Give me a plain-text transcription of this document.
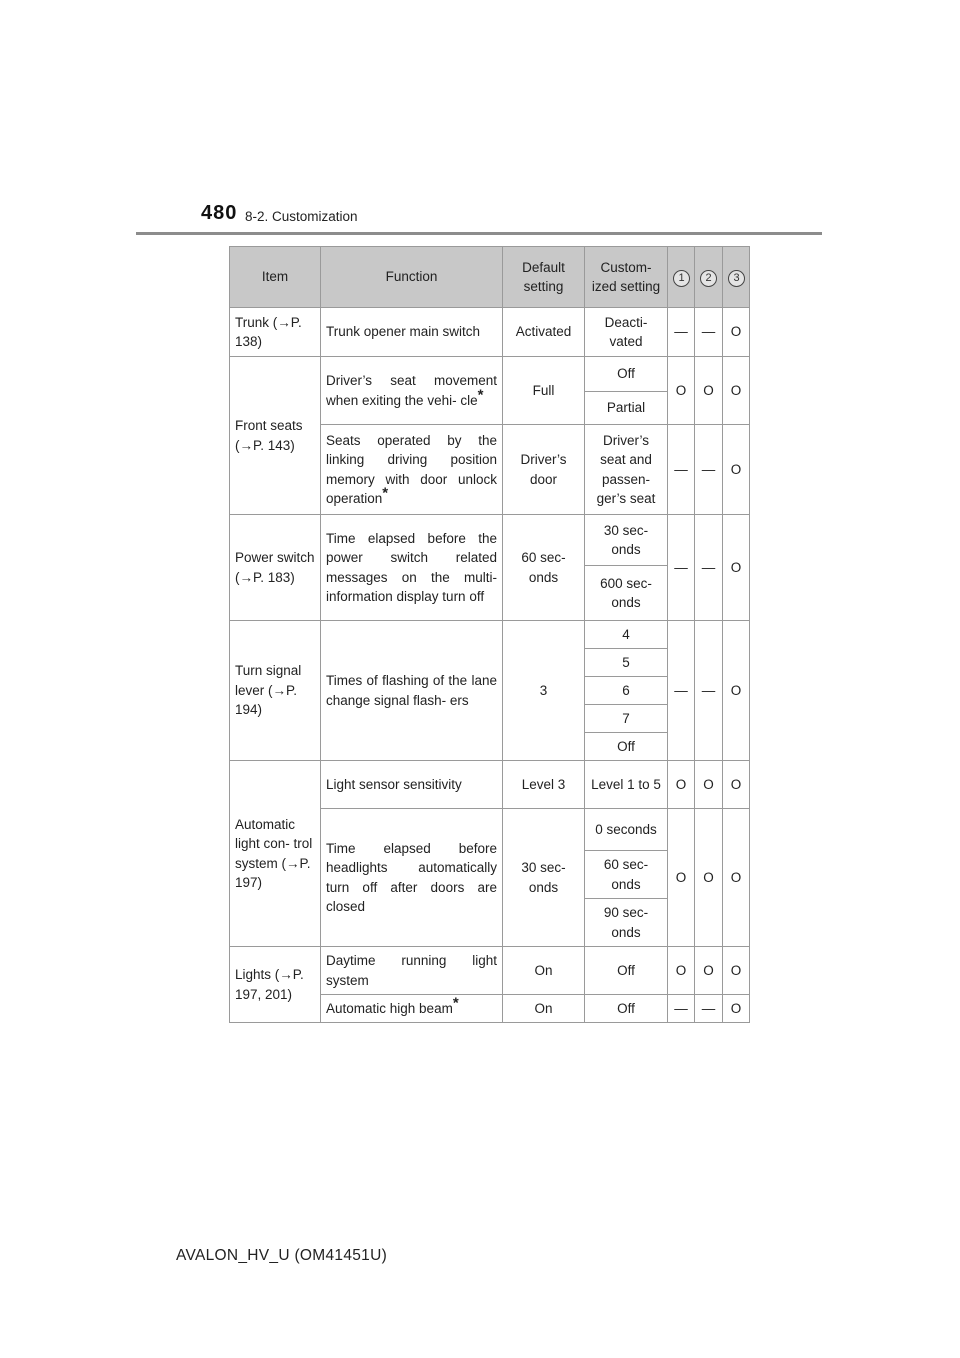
480 8-2. Customization
Item	Function	Default setting	Custom- ized setting	1	2	3
Trunk (→P. 138)	Trunk opener main switch	Activated	Deacti- vated	—	—	O
Front seats (→P. 143)	Driver’s seat movement when exiting the vehi- cle*	Full	Off	O	O	O
			Partial			
	Seats operated by the linking driving position memory with door unlock operation*	Driver’s door	Driver’s seat and passen- ger’s seat	—	—	O
Power switch (→P. 183)	Time elapsed before the power switch related messages on the multi- information display turn off	60 sec- onds	30 sec- onds	—	—	O
			600 sec- onds			
Turn signal lever (→P. 194)	Times of flashing of the lane change signal flash- ers	3	4	—	—	O
			5			
			6			
			7			
			Off			
Automatic light con- trol system (→P. 197)	Light sensor sensitivity	Level 3	Level 1 to 5	O	O	O
	Time elapsed before headlights automatically turn off after doors are closed	30 sec- onds	0 seconds	O	O	O
			60 sec- onds			
			90 sec- onds			
Lights (→P. 197, 201)	Daytime running light system	On	Off	O	O	O
	Automatic high beam*	On	Off	—	—	O
AVALON_HV_U (OM41451U)
